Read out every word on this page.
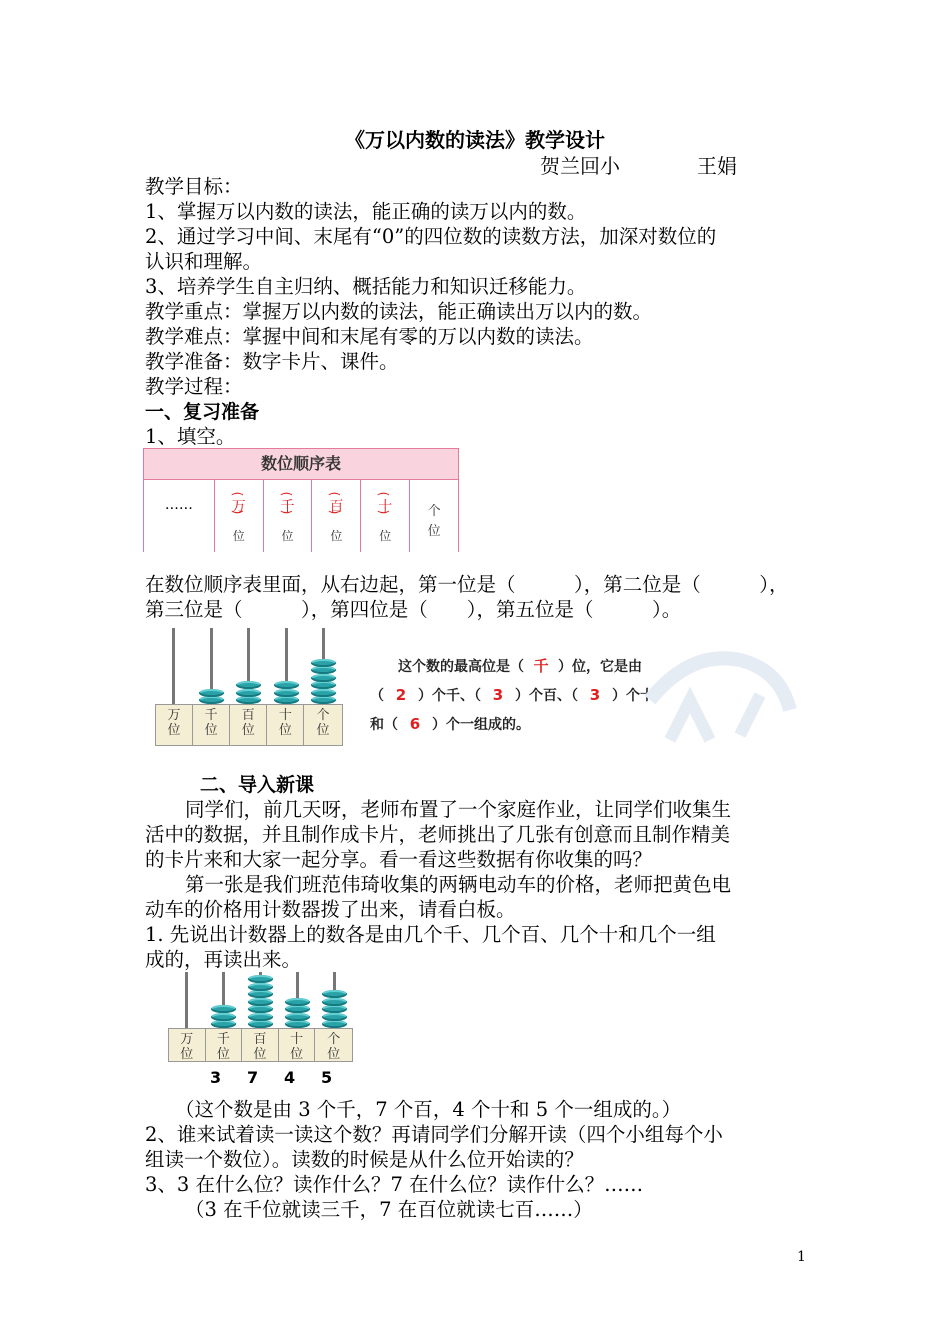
《万以内数的读法》教学设计
贺兰回小	王娟
教学目标：
1、掌握万以内数的读法，能正确的读万以内的数。
2、通过学习中间、末尾有“0”的四位数的读数方法，加深对数位的
认识和理解。
3、培养学生自主归纳、概括能力和知识迁移能力。
教学重点：掌握万以内数的读法，能正确读出万以内的数。
教学难点：掌握中间和末尾有零的万以内数的读法。
教学准备：数字卡片、课件。
教学过程：
一、复习准备
1、填空。
数位顺序表
……
(	万 )
位
( 千 )
位
( 百 )
位
( 十 )
位
个
位
在数位顺序表里面，从右边起，第一位是（　　　），第二位是（　　　），
第三位是（　　　），第四位是（　　），第五位是（　　　）。
万
位
千
位
百
位
十
位
个
位
　　这个数的最高位是（ 千 ）位，它是由
（ 2 ）个千、（ 3 ）个百、（ 3 ）个十
和（ 6 ）个一组成的。
二、导入新课
同学们，前几天呀，老师布置了一个家庭作业，让同学们收集生
活中的数据，并且制作成卡片，老师挑出了几张有创意而且制作精美
的卡片来和大家一起分享。看一看这些数据有你收集的吗？
第一张是我们班范伟琦收集的两辆电动车的价格，老师把黄色电
动车的价格用计数器拨了出来，请看白板。
1. 先说出计数器上的数各是由几个千、几个百、几个十和几个一组
成的，再读出来。
万
位
千
位
百
位
十
位
个
位
3 7 4 5
（这个数是由 3 个千，7 个百，4 个十和 5 个一组成的。）
2、谁来试着读一读这个数？再请同学们分解开读（四个小组每个小
组读一个数位）。读数的时候是从什么位开始读的？
3、3 在什么位？读作什么？7 在什么位？读作什么？……
（3 在千位就读三千，7 在百位就读七百……）
1
